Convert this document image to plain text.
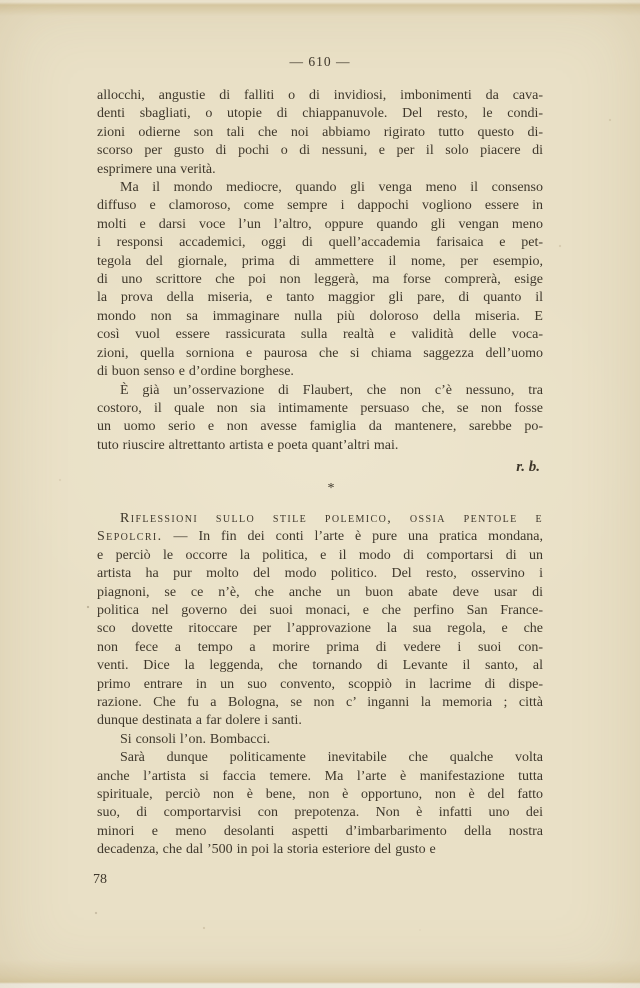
— 610 —
allocchi, angustie di falliti o di invidiosi, imbonimenti da cava-
denti sbagliati, o utopie di chiappanuvole. Del resto, le condi-
zioni odierne son tali che noi abbiamo rigirato tutto questo di-
scorso per gusto di pochi o di nessuni, e per il solo piacere di
esprimere una verità.
Ma il mondo mediocre, quando gli venga meno il consenso
diffuso e clamoroso, come sempre i dappochi vogliono essere in
molti e darsi voce l’un l’altro, oppure quando gli vengan meno
i responsi accademici, oggi di quell’accademia farisaica e pet-
tegola del giornale, prima di ammettere il nome, per esempio,
di uno scrittore che poi non leggerà, ma forse comprerà, esige
la prova della miseria, e tanto maggior gli pare, di quanto il
mondo non sa immaginare nulla più doloroso della miseria. E
così vuol essere rassicurata sulla realtà e validità delle voca-
zioni, quella sorniona e paurosa che si chiama saggezza dell’uomo
di buon senso e d’ordine borghese.
È già un’osservazione di Flaubert, che non c’è nessuno, tra
costoro, il quale non sia intimamente persuaso che, se non fosse
un uomo serio e non avesse famiglia da mantenere, sarebbe po-
tuto riuscire altrettanto artista e poeta quant’altri mai.
r. b.
*
Riflessioni sullo stile polemico, ossia pentole e
Sepolcri. — In fin dei conti l’arte è pure una pratica mondana,
e perciò le occorre la politica, e il modo di comportarsi di un
artista ha pur molto del modo politico. Del resto, osservino i
piagnoni, se ce n’è, che anche un buon abate deve usar di
politica nel governo dei suoi monaci, e che perfino San France-
sco dovette ritoccare per l’approvazione la sua regola, e che
non fece a tempo a morire prima di vedere i suoi con-
venti. Dice la leggenda, che tornando di Levante il santo, al
primo entrare in un suo convento, scoppiò in lacrime di dispe-
razione. Che fu a Bologna, se non c’ inganni la memoria ; città
dunque destinata a far dolere i santi.
Si consoli l’on. Bombacci.
Sarà dunque politicamente inevitabile che qualche volta
anche l’artista si faccia temere. Ma l’arte è manifestazione tutta
spirituale, perciò non è bene, non è opportuno, non è del fatto
suo, di comportarvisi con prepotenza. Non è infatti uno dei
minori e meno desolanti aspetti d’imbarbarimento della nostra
decadenza, che dal ’500 in poi la storia esteriore del gusto e
78
